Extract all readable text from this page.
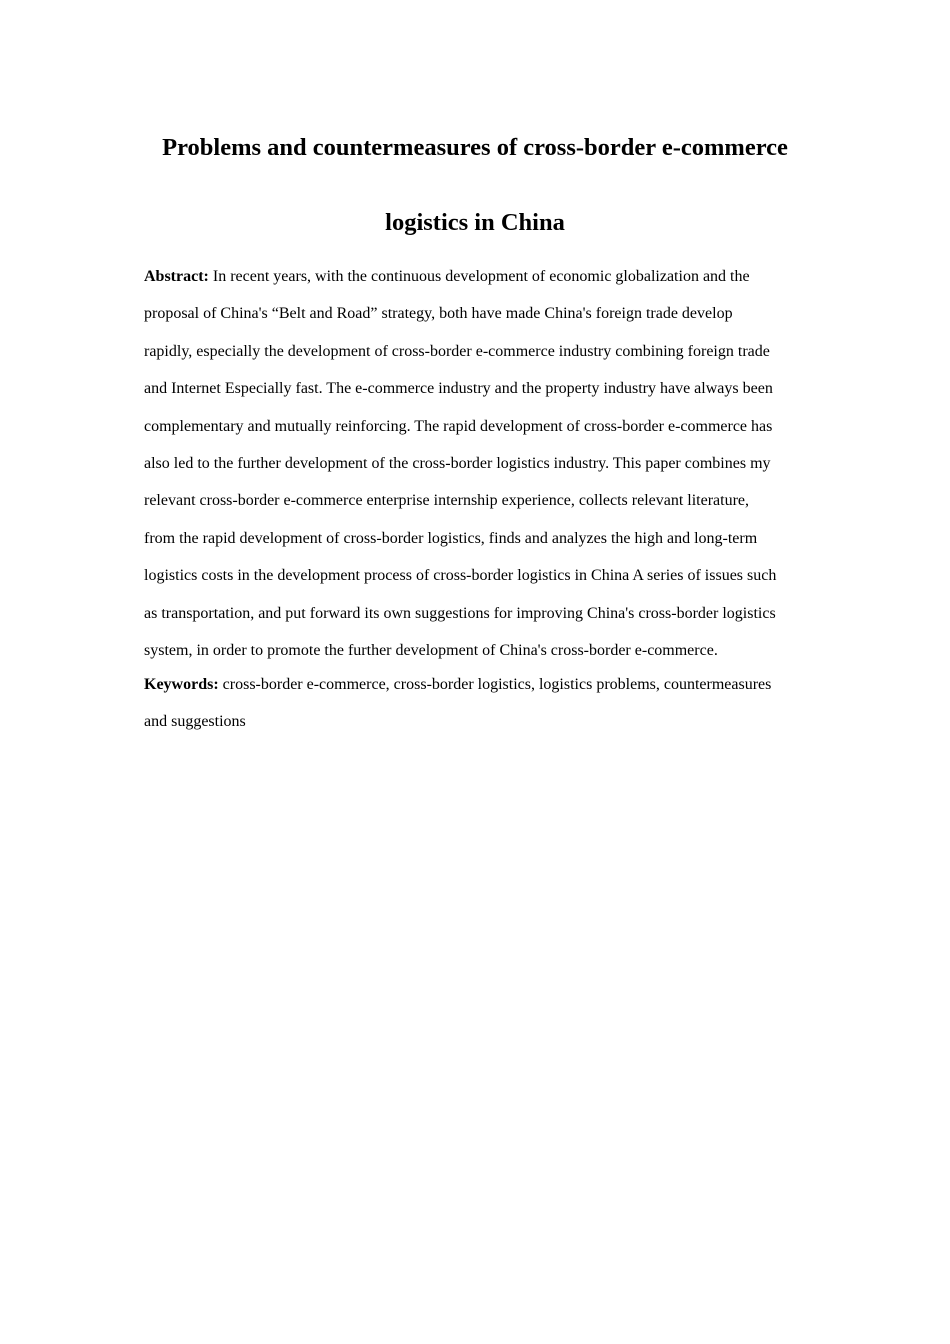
Problems and countermeasures of cross-border e-commerce
logistics in China
Abstract: In recent years, with the continuous development of economic globalization and the
proposal of China's “Belt and Road” strategy, both have made China's foreign trade develop
rapidly, especially the development of cross-border e-commerce industry combining foreign trade
and Internet Especially fast. The e-commerce industry and the property industry have always been
complementary and mutually reinforcing. The rapid development of cross-border e-commerce has
also led to the further development of the cross-border logistics industry. This paper combines my
relevant cross-border e-commerce enterprise internship experience, collects relevant literature,
from the rapid development of cross-border logistics, finds and analyzes the high and long-term
logistics costs in the development process of cross-border logistics in China A series of issues such
as transportation, and put forward its own suggestions for improving China's cross-border logistics
system, in order to promote the further development of China's cross-border e-commerce.
Keywords: cross-border e-commerce, cross-border logistics, logistics problems, countermeasures
and suggestions
